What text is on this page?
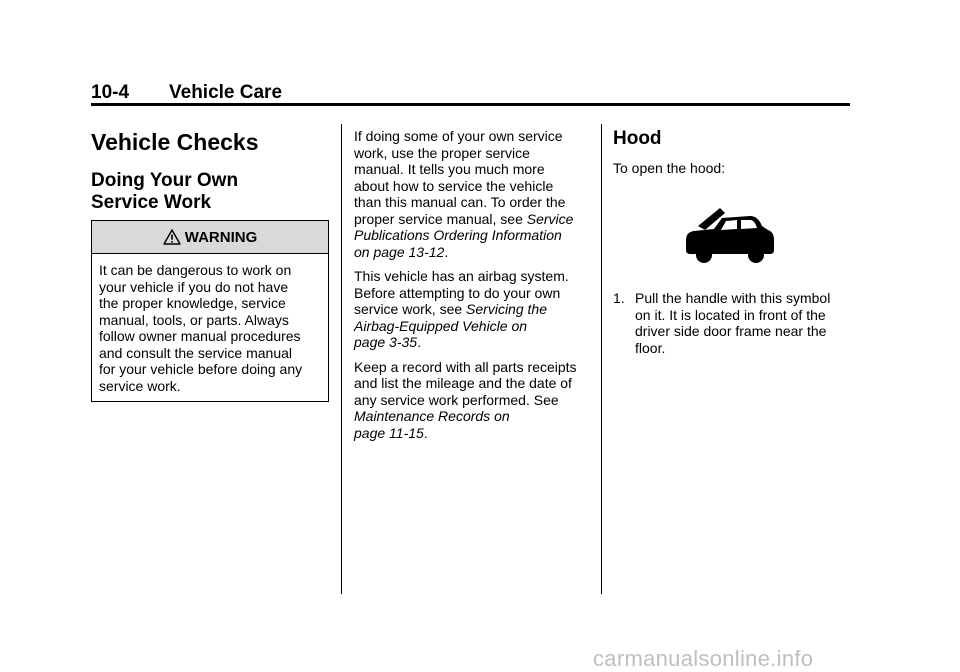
10-4 Vehicle Care
Vehicle Checks
Doing Your Own
Service Work
WARNING
It can be dangerous to work on
your vehicle if you do not have
the proper knowledge, service
manual, tools, or parts. Always
follow owner manual procedures
and consult the service manual
for your vehicle before doing any
service work.

If doing some of your own service
work, use the proper service
manual. It tells you much more
about how to service the vehicle
than this manual can. To order the
proper service manual, see Service
Publications Ordering Information
on page 13-12.

This vehicle has an airbag system.
Before attempting to do your own
service work, see Servicing the
Airbag-Equipped Vehicle on
page 3-35.

Keep a record with all parts receipts
and list the mileage and the date of
any service work performed. See
Maintenance Records on
page 11-15.

Hood

To open the hood:

1. Pull the handle with this symbol
on it. It is located in front of the
driver side door frame near the
floor.
carmanualsonline.info
